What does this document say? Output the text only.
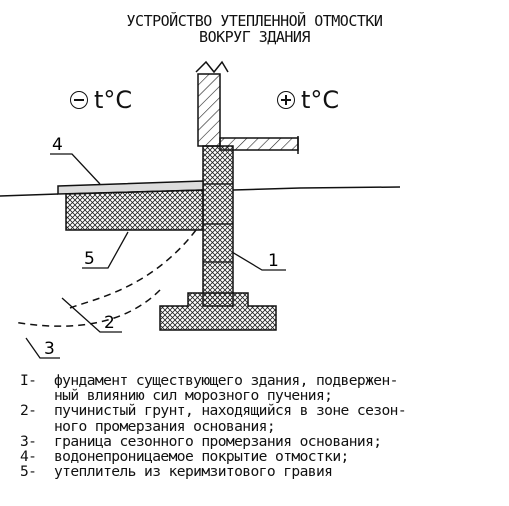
УСТРОЙСТВО УТЕПЛЕННОЙ ОТМОСТКИ
ВОКРУГ ЗДАНИЯ
t°C	t°C
4
5	1
2
3
I-	фундамент существующего здания, подвержен-
ный влиянию сил морозного пучения;
2-	пучинистый грунт, находящийся в зоне сезон-
ного промерзания основания;
3-	граница сезонного промерзания основания;
4-	водонепроницаемое покрытие отмостки;
5-	утеплитель из керимзитового гравия
